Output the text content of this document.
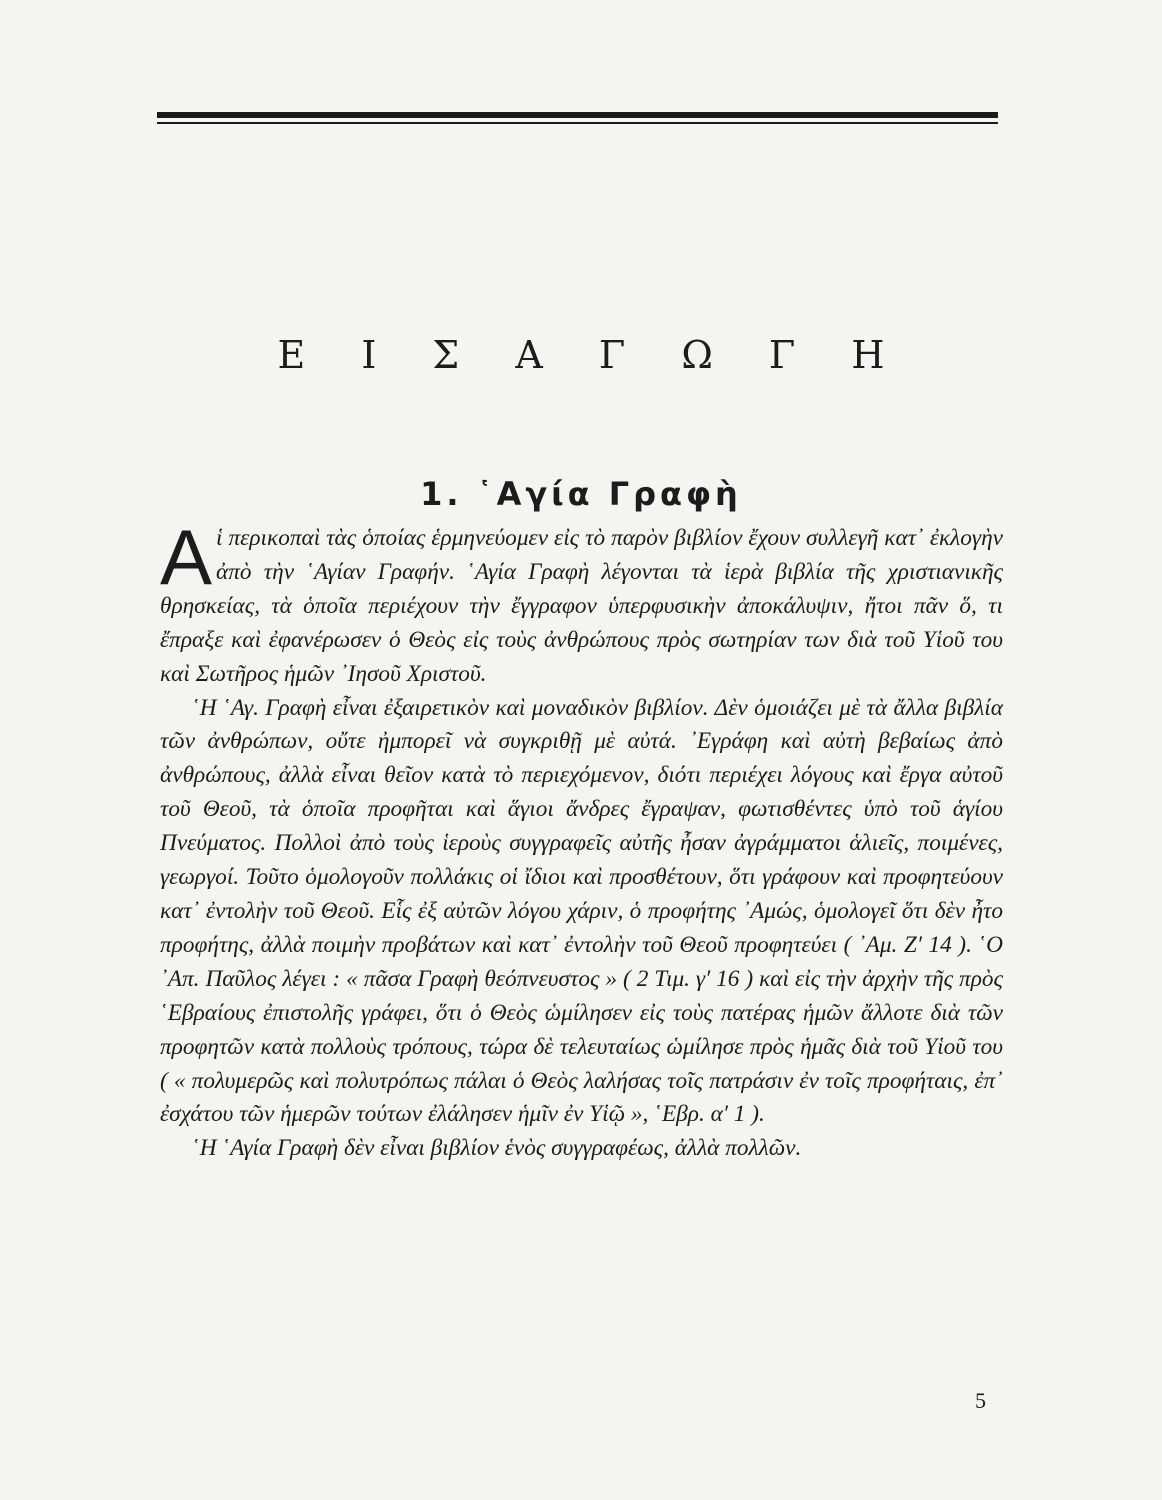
Ε Ι Σ Α Γ Ω Γ Η
1. ῾Αγία Γραφὴ

Αἱ περικοπαὶ τὰς ὁποίας ἑρμηνεύομεν εἰς τὸ παρὸν βιβλίον ἔχουν συλλεγῆ κατ᾿ ἐκλογὴν ἀπὸ τὴν ῾Αγίαν Γραφήν. ῾Αγία Γραφὴ λέγονται τὰ ἱερὰ βιβλία τῆς χριστιανικῆς θρησκείας, τὰ ὁποῖα περιέχουν τὴν ἔγγραφον ὑπερφυσικὴν ἀποκάλυψιν, ἤτοι πᾶν ὅ, τι ἔπραξε καὶ ἐφανέρωσεν ὁ Θεὸς εἰς τοὺς ἀνθρώπους πρὸς σωτηρίαν των διὰ τοῦ Υἱοῦ του καὶ Σωτῆρος ἡμῶν ᾿Ιησοῦ Χριστοῦ.

῾Η ῾Αγ. Γραφὴ εἶναι ἐξαιρετικὸν καὶ μοναδικὸν βιβλίον. Δὲν ὁμοιάζει μὲ τὰ ἄλλα βιβλία τῶν ἀνθρώπων, οὔτε ἠμπορεῖ νὰ συγκριθῇ μὲ αὐτά. ᾿Εγράφη καὶ αὐτὴ βεβαίως ἀπὸ ἀνθρώπους, ἀλλὰ εἶναι θεῖον κατὰ τὸ περιεχόμενον, διότι περιέχει λόγους καὶ ἔργα αὐτοῦ τοῦ Θεοῦ, τὰ ὁποῖα προφῆται καὶ ἅγιοι ἄνδρες ἔγραψαν, φωτισθέντες ὑπὸ τοῦ ἁγίου Πνεύματος. Πολλοὶ ἀπὸ τοὺς ἱεροὺς συγγραφεῖς αὐτῆς ἦσαν ἀγράμματοι ἁλιεῖς, ποιμένες, γεωργοί. Τοῦτο ὁμολογοῦν πολλάκις οἱ ἴδιοι καὶ προσθέτουν, ὅτι γράφουν καὶ προφητεύουν κατ᾿ ἐντολὴν τοῦ Θεοῦ. Εἷς ἐξ αὐτῶν λόγου χάριν, ὁ προφήτης ᾿Αμώς, ὁμολογεῖ ὅτι δὲν ἦτο προφήτης, ἀλλὰ ποιμὴν προβάτων καὶ κατ᾿ ἐντολὴν τοῦ Θεοῦ προφητεύει ( ᾿Αμ. Ζ′ 14 ). ῾Ο ᾿Απ. Παῦλος λέγει : « πᾶσα Γραφὴ θεόπνευστος » ( 2 Τιμ. γ′ 16 ) καὶ εἰς τὴν ἀρχὴν τῆς πρὸς ῾Εβραίους ἐπιστολῆς γράφει, ὅτι ὁ Θεὸς ὡμίλησεν εἰς τοὺς πατέρας ἡμῶν ἄλλοτε διὰ τῶν προφητῶν κατὰ πολλοὺς τρόπους, τώρα δὲ τελευταίως ὡμίλησε πρὸς ἡμᾶς διὰ τοῦ Υἱοῦ του ( « πολυμερῶς καὶ πολυτρόπως πάλαι ὁ Θεὸς λαλήσας τοῖς πατράσιν ἐν τοῖς προφήταις, ἐπ᾿ ἐσχάτου τῶν ἡμερῶν τούτων ἐλάλησεν ἡμῖν ἐν Υἱῷ », ῾Εβρ. α′ 1 ).

῾Η ῾Αγία Γραφὴ δὲν εἶναι βιβλίον ἑνὸς συγγραφέως, ἀλλὰ πολλῶν.

5
